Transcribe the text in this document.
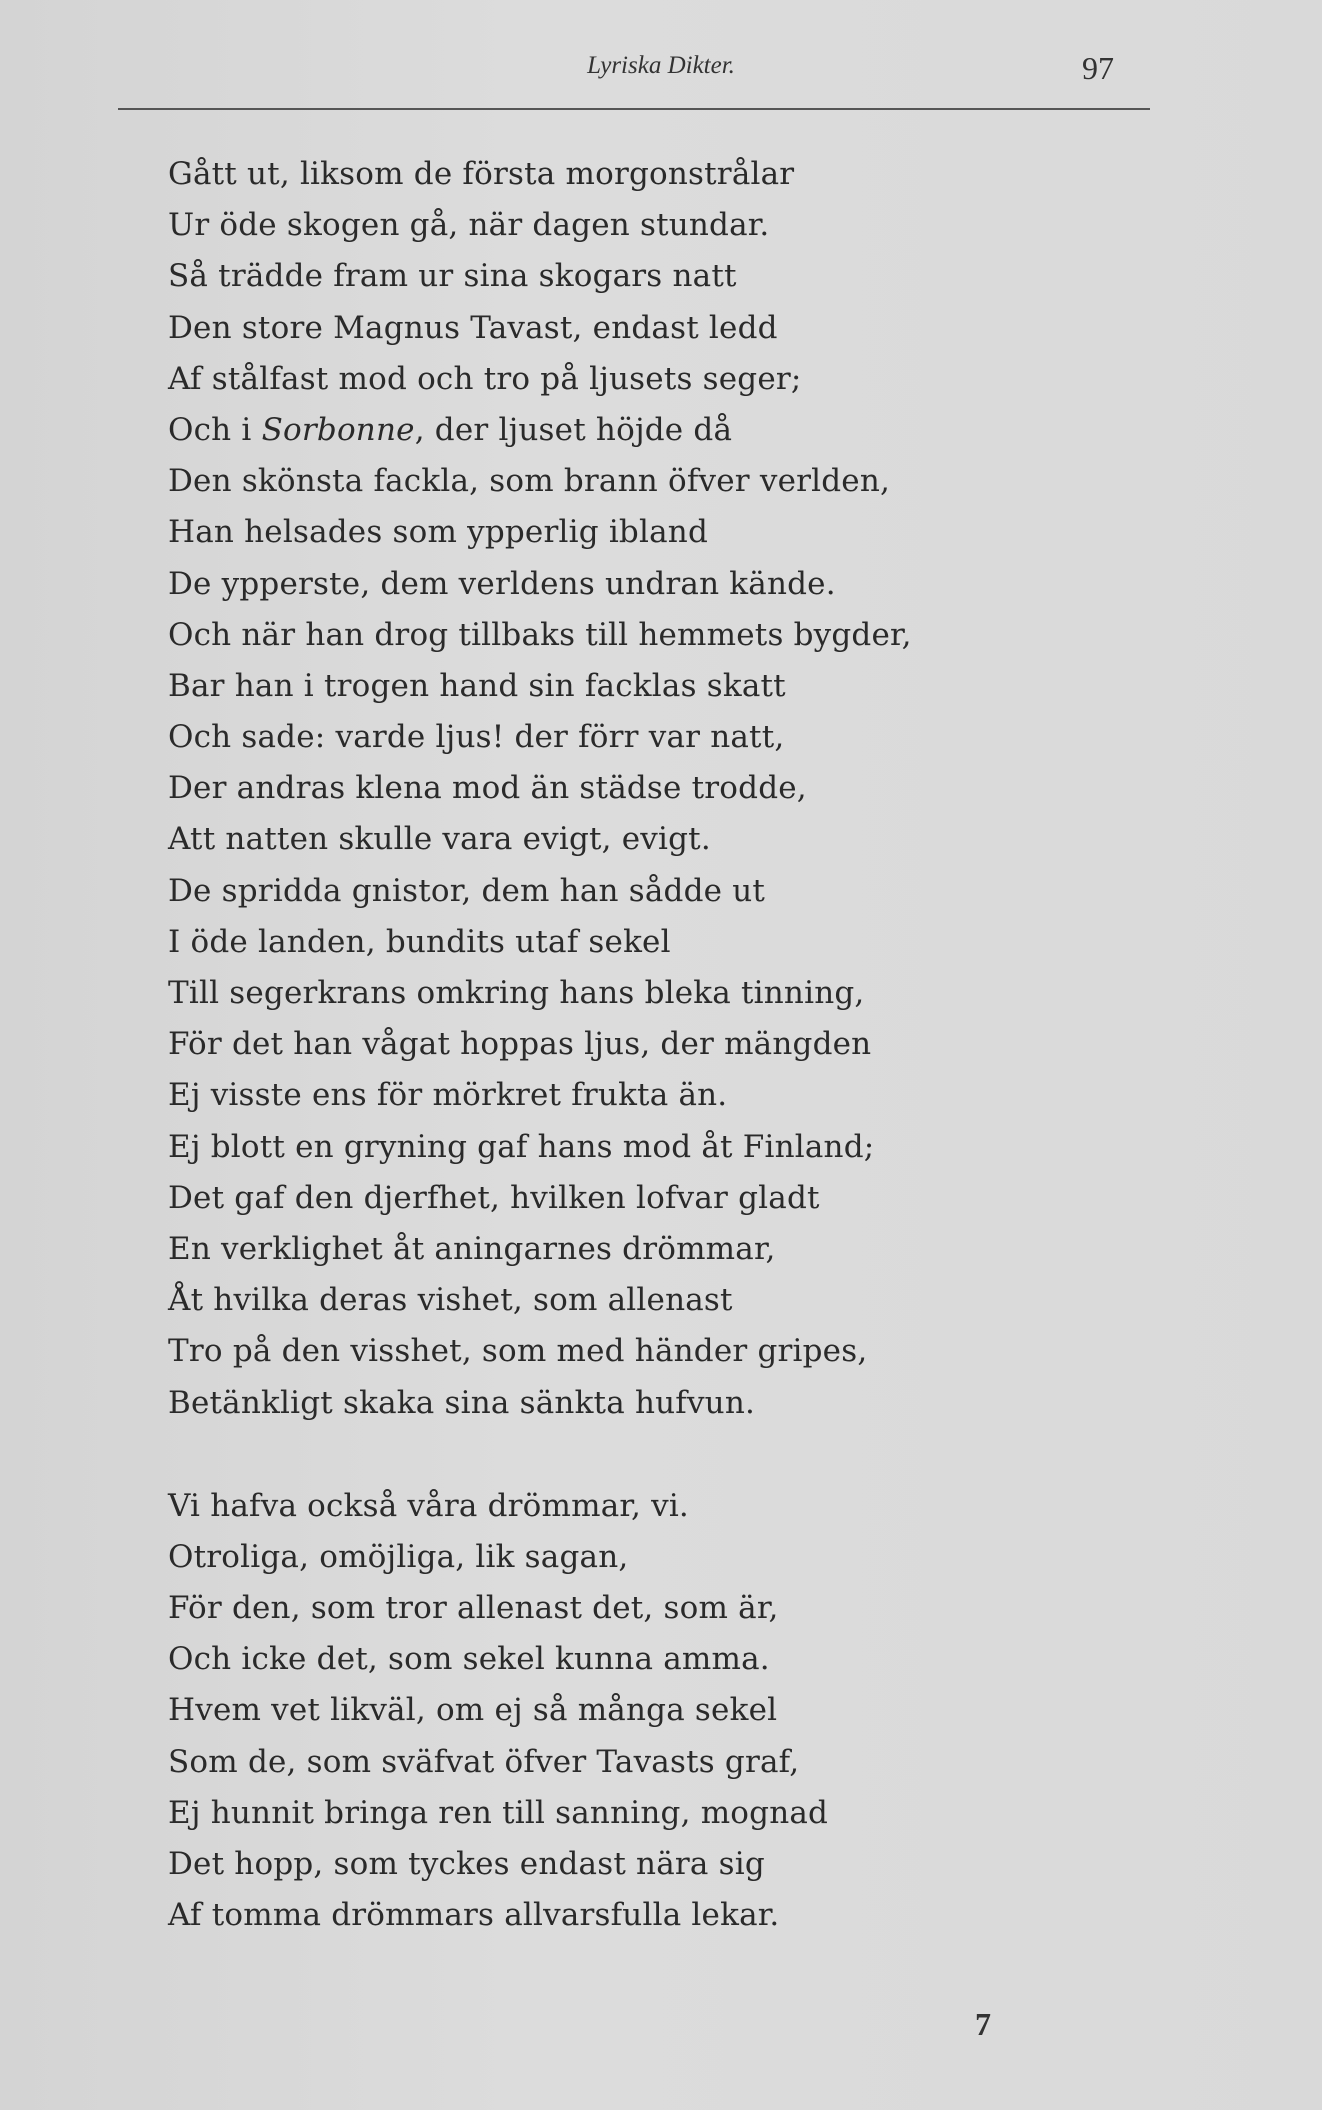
Lyriska Dikter.	97
Gått ut, liksom de första morgonstrålar
Ur öde skogen gå, när dagen stundar.
Så trädde fram ur sina skogars natt
Den store Magnus Tavast, endast ledd
Af stålfast mod och tro på ljusets seger;
Och i Sorbonne, der ljuset höjde då
Den skönsta fackla, som brann öfver verlden,
Han helsades som ypperlig ibland
De ypperste, dem verldens undran kände.
Och när han drog tillbaks till hemmets bygder,
Bar han i trogen hand sin facklas skatt
Och sade: varde ljus! der förr var natt,
Der andras klena mod än städse trodde,
Att natten skulle vara evigt, evigt.
De spridda gnistor, dem han sådde ut
I öde landen, bundits utaf sekel
Till segerkrans omkring hans bleka tinning,
För det han vågat hoppas ljus, der mängden
Ej visste ens för mörkret frukta än.
Ej blott en gryning gaf hans mod åt Finland;
Det gaf den djerfhet, hvilken lofvar gladt
En verklighet åt aningarnes drömmar,
Åt hvilka deras vishet, som allenast
Tro på den visshet, som med händer gripes,
Betänkligt skaka sina sänkta hufvun.
Vi hafva också våra drömmar, vi.
Otroliga, omöjliga, lik sagan,
För den, som tror allenast det, som är,
Och icke det, som sekel kunna amma.
Hvem vet likväl, om ej så många sekel
Som de, som sväfvat öfver Tavasts graf,
Ej hunnit bringa ren till sanning, mognad
Det hopp, som tyckes endast nära sig
Af tomma drömmars allvarsfulla lekar.
7
